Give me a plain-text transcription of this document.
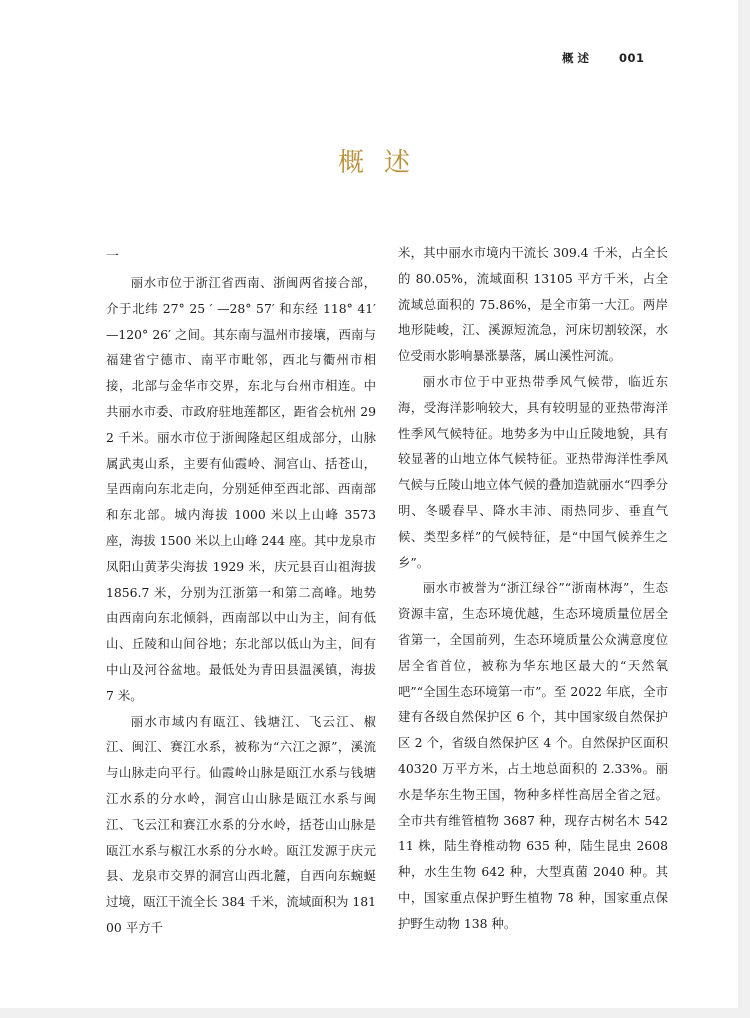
概述 001
概述
一

丽水市位于浙江省西南、浙闽两省接合部，介于北纬 27° 25 ′ —28° 57′ 和东经 118° 41′ —120° 26′ 之间。其东南与温州市接壤，西南与福建省宁德市、南平市毗邻，西北与衢州市相接，北部与金华市交界，东北与台州市相连。中共丽水市委、市政府驻地莲都区，距省会杭州 292 千米。丽水市位于浙闽隆起区组成部分，山脉属武夷山系，主要有仙霞岭、洞宫山、括苍山，呈西南向东北走向，分别延伸至西北部、西南部和东北部。城内海拔 1000 米以上山峰 3573 座，海拔 1500 米以上山峰 244 座。其中龙泉市凤阳山黄茅尖海拔 1929 米，庆元县百山祖海拔 1856.7 米，分别为江浙第一和第二高峰。地势由西南向东北倾斜，西南部以中山为主，间有低山、丘陵和山间谷地；东北部以低山为主，间有中山及河谷盆地。最低处为青田县温溪镇，海拔 7 米。

丽水市域内有瓯江、钱塘江、飞云江、椒江、闽江、赛江水系，被称为“六江之源”，溪流与山脉走向平行。仙霞岭山脉是瓯江水系与钱塘江水系的分水岭，洞宫山山脉是瓯江水系与闽江、飞云江和赛江水系的分水岭，括苍山山脉是瓯江水系与椒江水系的分水岭。瓯江发源于庆元县、龙泉市交界的洞宫山西北麓，自西向东蜿蜒过境，瓯江干流全长 384 千米，流域面积为 18100 平方千

米，其中丽水市境内干流长 309.4 千米，占全长的 80.05%，流域面积 13105 平方千米，占全流域总面积的 75.86%，是全市第一大江。两岸地形陡峻，江、溪源短流急，河床切割较深，水位受雨水影响暴涨暴落，属山溪性河流。

丽水市位于中亚热带季风气候带，临近东海，受海洋影响较大，具有较明显的亚热带海洋性季风气候特征。地势多为中山丘陵地貌，具有较显著的山地立体气候特征。亚热带海洋性季风气候与丘陵山地立体气候的叠加造就丽水“四季分明、冬暖春早、降水丰沛、雨热同步、垂直气候、类型多样”的气候特征，是“中国气候养生之乡”。

丽水市被誉为“浙江绿谷”“浙南林海”，生态资源丰富，生态环境优越，生态环境质量位居全省第一，全国前列，生态环境质量公众满意度位居全省首位，被称为华东地区最大的“天然氧吧”“全国生态环境第一市”。至 2022 年底，全市建有各级自然保护区 6 个，其中国家级自然保护区 2 个，省级自然保护区 4 个。自然保护区面积 40320 万平方米，占土地总面积的 2.33%。丽水是华东生物王国，物种多样性高居全省之冠。全市共有维管植物 3687 种，现存古树名木 54211 株，陆生脊椎动物 635 种，陆生昆虫 2608 种，水生生物 642 种，大型真菌 2040 种。其中，国家重点保护野生植物 78 种，国家重点保护野生动物 138 种。
